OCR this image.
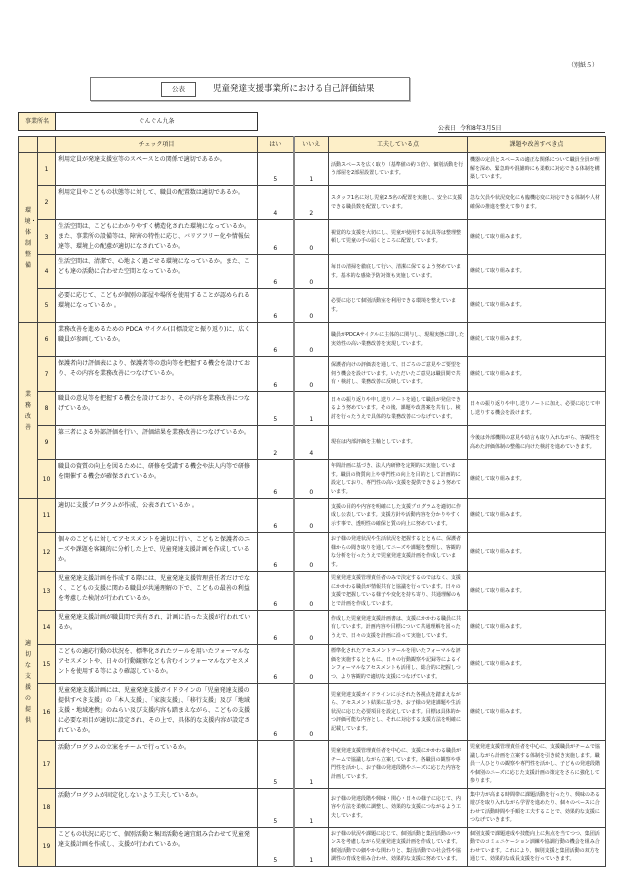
（別紙５）
公表	児童発達支援事業所における自己評価結果
事業所名	ぐんぐん九条
公表日 令和8年3月5日
		チェック項目	はい	いいえ	工夫している点	課題や改善すべき点
環境・体制整備	1	利用定員が発達支援室等のスペースとの関係で適切であるか。	5	1	活動スペースを広く取り（基準値の約３倍）、個別活動を行う部屋を2部屋設置しています。	機器の定員とスペースの適正な関係について職員全員が理解を深め、緊急時や混雑時にも柔軟に対応できる体制を構築しています。
	2	利用定員やこどもの状態等に対して、職員の配置数は適切であるか。	4	2	スタッフ1名に対し児童2.5名の配置を実施し、安全に支援できる職員数を配置しています。	急な欠員や状況変化にも臨機応変に対応できる体制や人材確保の推進を整えて参ります。
	3	生活空間は、こどもにわかりやすく構造化された環境になっているか。また、事業所の設備等は、障害の特性に応じ、バリアフリー化や情報伝達等、環境上の配慮が適切になされているか。	6	0	視覚的な支援を大切にし、児童が使用する玩具等は整理整頓して児童の手の届くところに配置しています。	継続して取り組みます。
	4	生活空間は、清潔で、心地よく過ごせる環境になっているか。また、こども達の活動に合わせた空間となっているか。	6	0	毎日の清掃を徹底して行い、清潔に保てるよう努めています。基本的な感染予防対策も実施しています。	継続して取り組みます。
	5	必要に応じて、こどもが個別の部屋や場所を使用することが認められる環境になっているか 。	6	0	必要に応じて個別活動室を利用できる環境を整えています。	継続して取り組みます。
業務改善	6	業務改善を進めるための PDCA サイクル(目標設定と振り返り)に、広く職員が参画しているか。	6	0	職員がPDCAサイクルに主体的に関与し、現場実態に即した実効性の高い業務改善を実現しています。	継続して取り組みます。
	7	保護者向け評価表により、保護者等の意向等を把握する機会を設けており、その内容を業務改善につなげているか。	6	0	保護者向けの評価表を通して、日ごろのご意見やご要望を伺う機会を設けています。いただいたご意見は職員間で共有・検討し、業務改善に反映しています。	継続して取り組みます。
	8	職員の意見等を把握する機会を設けており、その内容を業務改善につなげているか。	5	1	日々の振り返りや申し送りノートを通して職員が発信できるよう努めています。その後、課題や改善案を共有し、検討を行ったうえで具体的な業務改善につなげています。	日々の振り返りや申し送りノートに加え、必要に応じて申し送りする機会を設けます。
	9	第三者による外部評価を行い、評価結果を業務改善につなげているか。	2	4	現在は内部評価を主軸としています。	今後は外部機関の意見や助言も取り入れながら、客観性を高めた評価体制の整備に向けた検討を進めていきます。
	10	職員の資質の向上を図るために、研修を受講する機会や法人内等で研修を開催する機会が確保されているか。	6	0	年間計画に基づき、法人内研修を定期的に実施しています。職員の資質向上や専門性の向上を目的として計画的に設定しており、専門性の高い支援を提供できるよう努めています。	継続して取り組みます。
適切な支援の提供	11	適切に支援プログラムが作成、公表されているか 。	6	0	支援の目的や内容を明確にした支援プログラムを適切に作成し公表しています。支援方針や活動内容を分かりやすく示す事で、透明性の確保と質の向上に努めています。	継続して取り組みます。
	12	個々のこどもに対してアセスメントを適切に行い、こどもと保護者のニーズや課題を客観的に分析した上で、児童発達支援計画を作成しているか。	6	0	お子様の発達状況や生活状況を把握するとともに、保護者様からの聞き取りを通してニーズや課題を整理し、客観的な分析を行ったうえで児童発達支援計画を作成しています。	継続して取り組みます。
	13	児童発達支援計画を作成する際には、児童発達支援管理責任者だけでなく、こどもの支援に関わる職員が共通理解の下で、こどもの最善の利益を考慮した検討が行われているか。	6	0	児童発達支援管理責任者のみで決定するのではなく、支援にかかわる職員が情報共有と協議を行っています。日々の支援で把握している様子や変化を持ち寄り、共通理解のもとで計画を作成しています。	継続して取り組みます。
	14	児童発達支援計画が職員間で共有され、計画に沿った支援が行われているか。	6	0	作成した児童発達支援計画書は、支援にかかわる職員に共有しています。計画内容や目標について共通理解を図ったうえで、日々の支援を計画に沿って実施しています。	継続して取り組みます。
	15	こどもの適応行動の状況を、標準化されたツールを用いたフォーマルなアセスメントや、日々の行動観察なども含むインフォーマルなアセスメントを使用する等により確認しているか。	6	0	標準化されたアセスメントツールを用いたフォーマルな評価を実施するとともに、日々の行動観察や記録等によるインフォーマルなアセスメントも活用し、総合的に把握しつつ、より客観的で適切な支援につなげています。	継続して取り組みます。
	16	児童発達支援計画には、児童発達支援ガイドラインの「児童発達支援の提供すべき支援」の「本人支援」、「家族支援」、「移行支援」及び「地域支援・地域連携」のねらい及び支援内容も踏まえながら、こどもの支援に必要な項目が適切に設定され、その上で、具体的な支援内容が設定されているか。	6	0	児童発達支援ガイドラインに示された各視点を踏まえながら、アセスメント結果に基づき、お子様の発達課題や生活状況に応じた必要項目を設定しています。目標は具体的かつ評価可能な内容とし、それに対応する支援方法を明確に記載しています。	継続して取り組みます。
	17	活動プログラムの立案をチームで行っているか。	5	1	児童発達支援管理責任者を中心に、支援にかかわる職員がチームで協議しながら立案しています。各職員の観察や専門性を活かし、お子様の発達段階やニーズに応じた内容を計画しています。	児童発達支援管理責任者を中心に、支援職員がチームで協議しながら計画を立案する体制を引き続き実施します。職員一人ひとりの観察や専門性を活かし、子どもの発達段階や個別のニーズに応じた支援計画の策定をさらに強化して参ります。
	18	活動プログラムが固定化しないよう工夫しているか。	5	1	お子様の発達段階や興味・関心・日々の様子に応じて、内容や方法を柔軟に調整し、効果的な支援につながるよう工夫しています。	集中力が高まる時間帯に課題活動を行ったり、興味のある遊びを取り入れながら学習を進めたり、個々のペースに合わせて活動時間や手順を工夫することで、効果的な支援につなげていきます。
	19	こどもの状況に応じて、個別活動と集団活動を適宜組み合わせて児童発達支援計画を作成し、支援が行われているか。	5	1	お子様の状況や課題に応じて、個別活動と集団活動のバランスを考慮しながら児童発達支援計画を作成しています。個別活動での細やかな関わりと、集団活動での社会性や協調性の育成を組み合わせ、効果的な支援に努めています。	個別支援で課題達成や技能向上に焦点を当てつつ、集団活動でのコミュニケーション訓練や協調行動の機会を組み合わせています。これにより、個別支援と集団活動の双方を通じて、効果的な成長支援を行っていきます。
